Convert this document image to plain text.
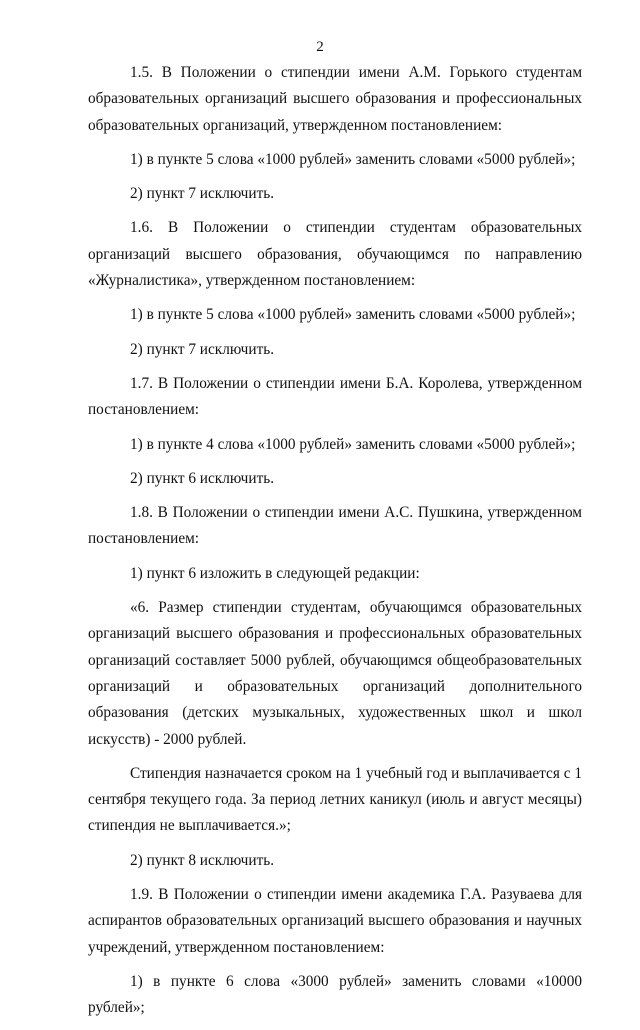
2

1.5. В Положении о стипендии имени А.М. Горького студентам образовательных организаций высшего образования и профессиональных образовательных организаций, утвержденном постановлением:

1) в пункте 5 слова «1000 рублей» заменить словами «5000 рублей»;

2) пункт 7 исключить.

1.6. В Положении о стипендии студентам образовательных организаций высшего образования, обучающимся по направлению «Журналистика», утвержденном постановлением:

1) в пункте 5 слова «1000 рублей» заменить словами «5000 рублей»;

2) пункт 7 исключить.

1.7. В Положении о стипендии имени Б.А. Королева, утвержденном постановлением:

1) в пункте 4 слова «1000 рублей» заменить словами «5000 рублей»;

2) пункт 6 исключить.

1.8. В Положении о стипендии имени А.С. Пушкина, утвержденном постановлением:

1) пункт 6 изложить в следующей редакции:

«6. Размер стипендии студентам, обучающимся образовательных организаций высшего образования и профессиональных образовательных организаций составляет 5000 рублей, обучающимся общеобразовательных организаций и образовательных организаций дополнительного образования (детских музыкальных, художественных школ и школ искусств) - 2000 рублей.

Стипендия назначается сроком на 1 учебный год и выплачивается с 1 сентября текущего года. За период летних каникул (июль и август месяцы) стипендия не выплачивается.»;

2) пункт 8 исключить.

1.9. В Положении о стипендии имени академика Г.А. Разуваева для аспирантов образовательных организаций высшего образования и научных учреждений, утвержденном постановлением:

1) в пункте 6 слова «3000 рублей» заменить словами «10000 рублей»;
